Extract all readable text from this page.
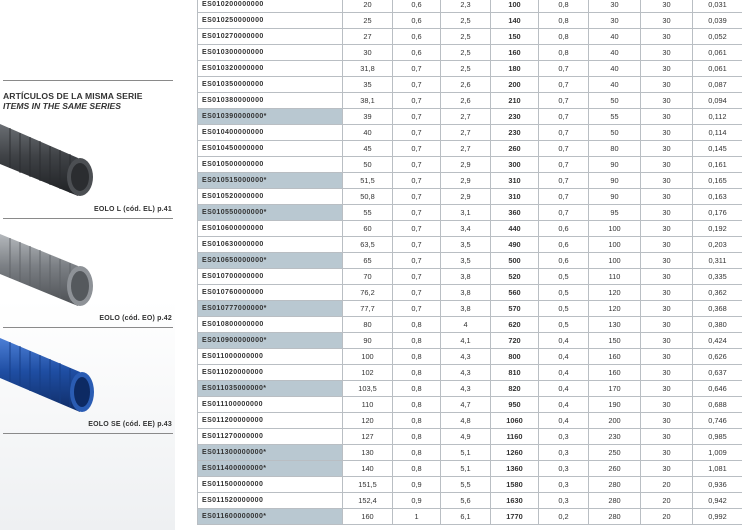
ARTÍCULOS DE LA MISMA SERIE
ITEMS IN THE SAME SERIES
EOLO L (cód. EL) p.41
EOLO (cód. EO) p.42
EOLO SE (cód. EE) p.43
ES010200000000	20	0,6	2,3	100	0,8	30	30	0,031
ES010250000000	25	0,6	2,5	140	0,8	30	30	0,039
ES010270000000	27	0,6	2,5	150	0,8	40	30	0,052
ES010300000000	30	0,6	2,5	160	0,8	40	30	0,061
ES010320000000	31,8	0,7	2,5	180	0,7	40	30	0,061
ES010350000000	35	0,7	2,6	200	0,7	40	30	0,087
ES010380000000	38,1	0,7	2,6	210	0,7	50	30	0,094
ES010390000000*	39	0,7	2,7	230	0,7	55	30	0,112
ES010400000000	40	0,7	2,7	230	0,7	50	30	0,114
ES010450000000	45	0,7	2,7	260	0,7	80	30	0,145
ES010500000000	50	0,7	2,9	300	0,7	90	30	0,161
ES010515000000*	51,5	0,7	2,9	310	0,7	90	30	0,165
ES010520000000	50,8	0,7	2,9	310	0,7	90	30	0,163
ES010550000000*	55	0,7	3,1	360	0,7	95	30	0,176
ES010600000000	60	0,7	3,4	440	0,6	100	30	0,192
ES010630000000	63,5	0,7	3,5	490	0,6	100	30	0,203
ES010650000000*	65	0,7	3,5	500	0,6	100	30	0,311
ES010700000000	70	0,7	3,8	520	0,5	110	30	0,335
ES010760000000	76,2	0,7	3,8	560	0,5	120	30	0,362
ES010777000000*	77,7	0,7	3,8	570	0,5	120	30	0,368
ES010800000000	80	0,8	4	620	0,5	130	30	0,380
ES010900000000*	90	0,8	4,1	720	0,4	150	30	0,424
ES011000000000	100	0,8	4,3	800	0,4	160	30	0,626
ES011020000000	102	0,8	4,3	810	0,4	160	30	0,637
ES011035000000*	103,5	0,8	4,3	820	0,4	170	30	0,646
ES011100000000	110	0,8	4,7	950	0,4	190	30	0,688
ES011200000000	120	0,8	4,8	1060	0,4	200	30	0,746
ES011270000000	127	0,8	4,9	1160	0,3	230	30	0,985
ES011300000000*	130	0,8	5,1	1260	0,3	250	30	1,009
ES011400000000*	140	0,8	5,1	1360	0,3	260	30	1,081
ES011500000000	151,5	0,9	5,5	1580	0,3	280	20	0,936
ES011520000000	152,4	0,9	5,6	1630	0,3	280	20	0,942
ES011600000000*	160	1	6,1	1770	0,2	280	20	0,992
